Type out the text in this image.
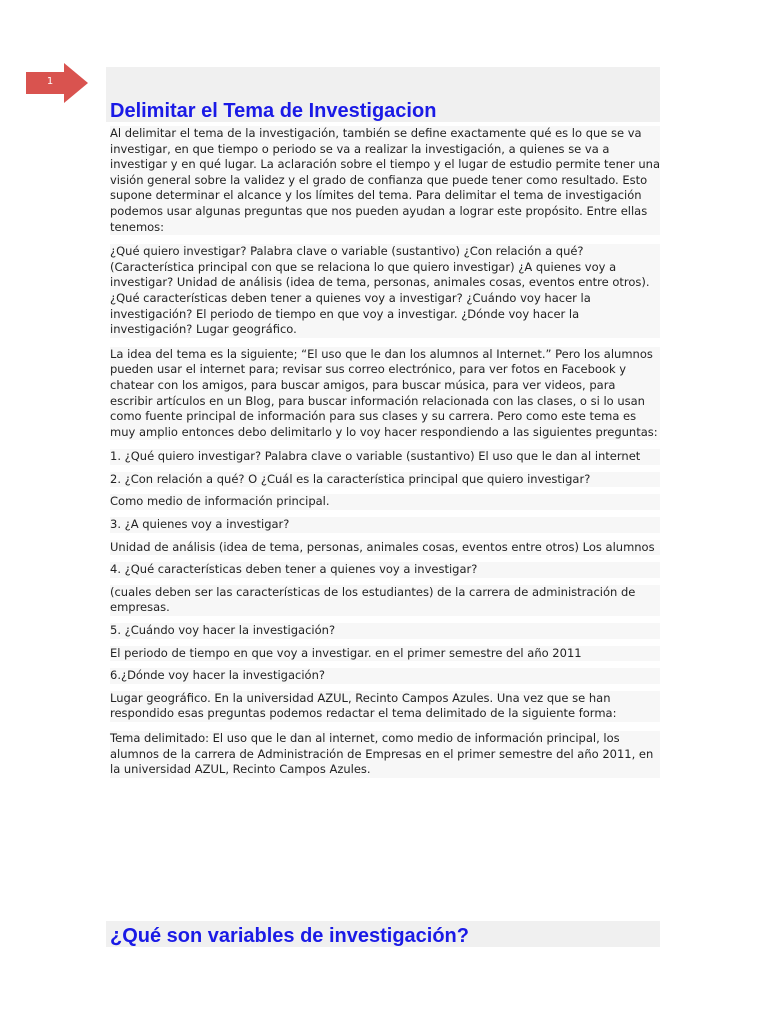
1
Delimitar el Tema de Investigacion

Al delimitar el tema de la investigación, también se define exactamente qué es lo que se va investigar, en que tiempo o periodo se va a realizar la investigación, a quienes se va a investigar y en qué lugar. La aclaración sobre el tiempo y el lugar de estudio permite tener una visión general sobre la validez y el grado de confianza que puede tener como resultado. Esto supone determinar el alcance y los límites del tema. Para delimitar el tema de investigación podemos usar algunas preguntas que nos pueden ayudan a lograr este propósito. Entre ellas tenemos:

¿Qué quiero investigar? Palabra clave o variable (sustantivo) ¿Con relación a qué? (Característica principal con que se relaciona lo que quiero investigar) ¿A quienes voy a investigar? Unidad de análisis (idea de tema, personas, animales cosas, eventos entre otros). ¿Qué características deben tener a quienes voy a investigar? ¿Cuándo voy hacer la investigación? El periodo de tiempo en que voy a investigar. ¿Dónde voy hacer la investigación? Lugar geográfico.

La idea del tema es la siguiente; “El uso que le dan los alumnos al Internet.” Pero los alumnos pueden usar el internet para; revisar sus correo electrónico, para ver fotos en Facebook y chatear con los amigos, para buscar amigos, para buscar música, para ver videos, para escribir artículos en un Blog, para buscar información relacionada con las clases, o si lo usan como fuente principal de información para sus clases y su carrera. Pero como este tema es muy amplio entonces debo delimitarlo y lo voy hacer respondiendo a las siguientes preguntas:

1. ¿Qué quiero investigar? Palabra clave o variable (sustantivo) El uso que le dan al internet

2. ¿Con relación a qué? O ¿Cuál es la característica principal que quiero investigar?

Como medio de información principal.

3. ¿A quienes voy a investigar?

Unidad de análisis (idea de tema, personas, animales cosas, eventos entre otros) Los alumnos

4. ¿Qué características deben tener a quienes voy a investigar?

(cuales deben ser las características de los estudiantes) de la carrera de administración de empresas.

5. ¿Cuándo voy hacer la investigación?

El periodo de tiempo en que voy a investigar. en el primer semestre del año 2011

6.¿Dónde voy hacer la investigación?

Lugar geográfico. En la universidad AZUL, Recinto Campos Azules. Una vez que se han respondido esas preguntas podemos redactar el tema delimitado de la siguiente forma:

Tema delimitado: El uso que le dan al internet, como medio de información principal, los alumnos de la carrera de Administración de Empresas en el primer semestre del año 2011, en la universidad AZUL, Recinto Campos Azules.

¿Qué son variables de investigación?
